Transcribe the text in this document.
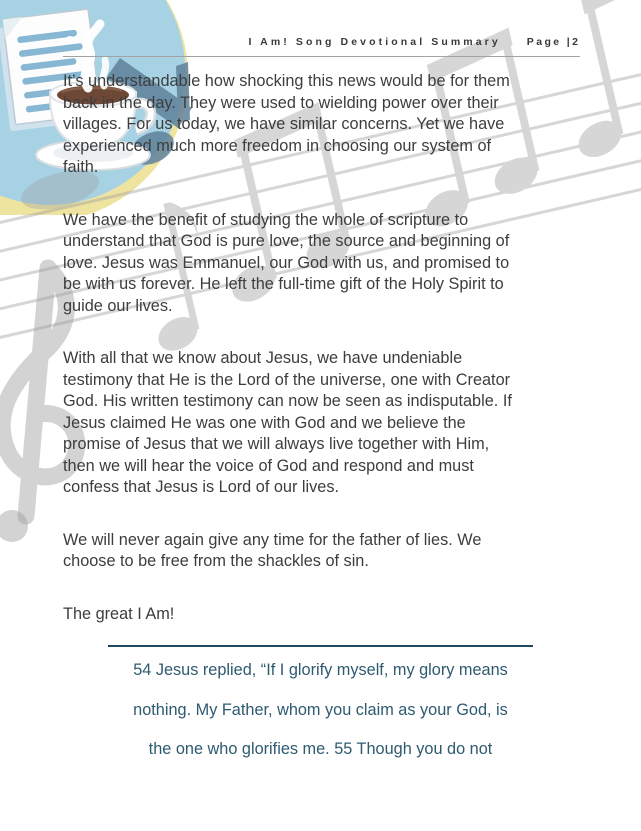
I Am! Song Devotional Summary Page |2
It’s understandable how shocking this news would be for them
back in the day. They were used to wielding power over their
villages. For us today, we have similar concerns. Yet we have
experienced much more freedom in choosing our system of
faith.
We have the benefit of studying the whole of scripture to
understand that God is pure love, the source and beginning of
love. Jesus was Emmanuel, our God with us, and promised to
be with us forever. He left the full-time gift of the Holy Spirit to
guide our lives.
With all that we know about Jesus, we have undeniable
testimony that He is the Lord of the universe, one with Creator
God. His written testimony can now be seen as indisputable. If
Jesus claimed He was one with God and we believe the
promise of Jesus that we will always live together with Him,
then we will hear the voice of God and respond and must
confess that Jesus is Lord of our lives.
We will never again give any time for the father of lies. We
choose to be free from the shackles of sin.
The great I Am!
54 Jesus replied, “If I glorify myself, my glory means
nothing. My Father, whom you claim as your God, is
the one who glorifies me. 55 Though you do not
